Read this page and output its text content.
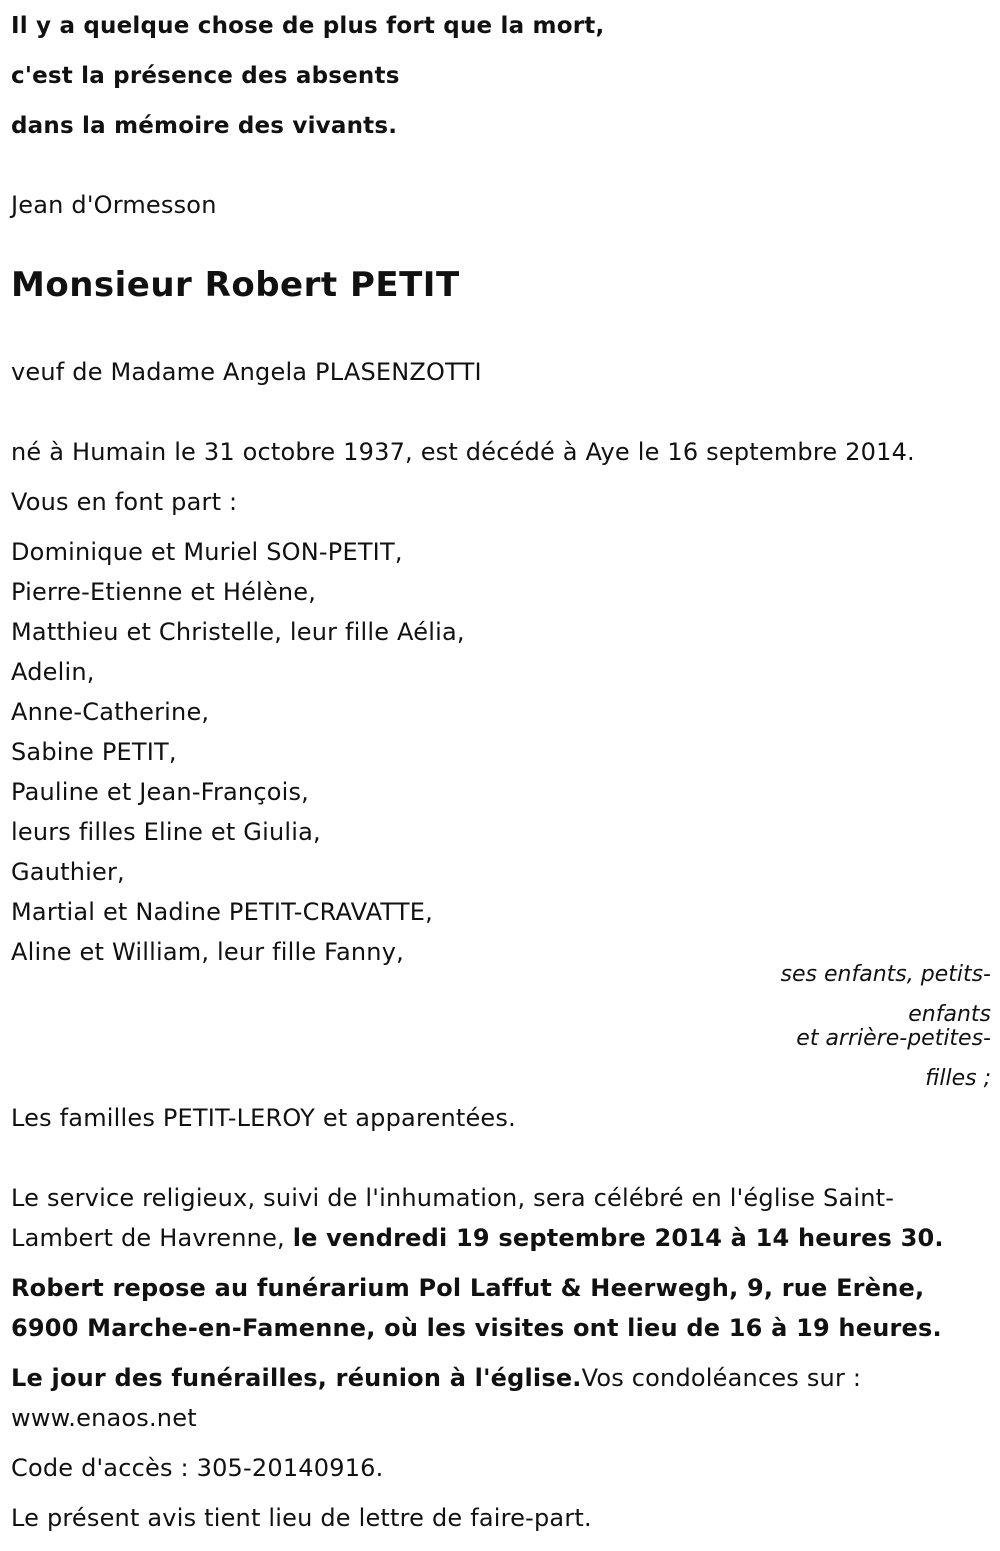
Il y a quelque chose de plus fort que la mort,
c'est la présence des absents
dans la mémoire des vivants.
Jean d'Ormesson
Monsieur Robert PETIT
veuf de Madame Angela PLASENZOTTI
né à Humain le 31 octobre 1937, est décédé à Aye le 16 septembre 2014.
Vous en font part :
Dominique et Muriel SON-PETIT,
Pierre-Etienne et Hélène,
Matthieu et Christelle, leur fille Aélia,
Adelin,
Anne-Catherine,
Sabine PETIT,
Pauline et Jean-François,
leurs filles Eline et Giulia,
Gauthier,
Martial et Nadine PETIT-CRAVATTE,
Aline et William, leur fille Fanny,
ses enfants, petits-
enfants
et arrière-petites-
filles ;
Les familles PETIT-LEROY et apparentées.
Le service religieux, suivi de l'inhumation, sera célébré en l'église Saint-
Lambert de Havrenne, le vendredi 19 septembre 2014 à 14 heures 30.
Robert repose au funérarium Pol Laffut & Heerwegh, 9, rue Erène,
6900 Marche-en-Famenne, où les visites ont lieu de 16 à 19 heures.
Le jour des funérailles, réunion à l'église.Vos condoléances sur :
www.enaos.net
Code d'accès : 305-20140916.
Le présent avis tient lieu de lettre de faire-part.
